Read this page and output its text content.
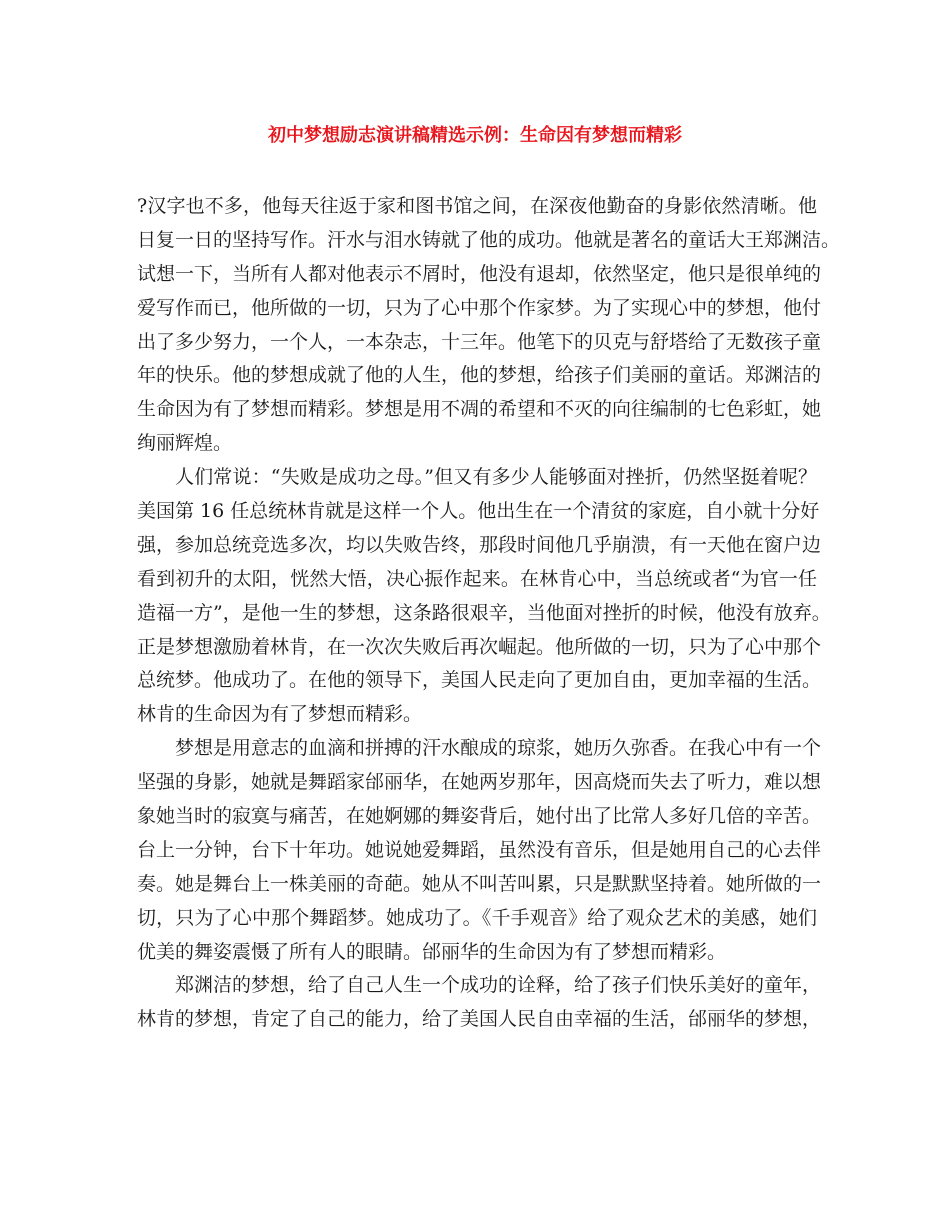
初中梦想励志演讲稿精选示例：生命因有梦想而精彩
?汉字也不多，他每天往返于家和图书馆之间，在深夜他勤奋的身影依然清晰。他
日复一日的坚持写作。汗水与泪水铸就了他的成功。他就是著名的童话大王郑渊洁。
试想一下，当所有人都对他表示不屑时，他没有退却，依然坚定，他只是很单纯的
爱写作而已，他所做的一切，只为了心中那个作家梦。为了实现心中的梦想，他付
出了多少努力，一个人，一本杂志，十三年。他笔下的贝克与舒塔给了无数孩子童
年的快乐。他的梦想成就了他的人生，他的梦想，给孩子们美丽的童话。郑渊洁的
生命因为有了梦想而精彩。梦想是用不凋的希望和不灭的向往编制的七色彩虹，她
绚丽辉煌。
人们常说：“失败是成功之母。”但又有多少人能够面对挫折，仍然坚挺着呢？
美国第 16 任总统林肯就是这样一个人。他出生在一个清贫的家庭，自小就十分好
强，参加总统竞选多次，均以失败告终，那段时间他几乎崩溃，有一天他在窗户边
看到初升的太阳，恍然大悟，决心振作起来。在林肯心中，当总统或者“为官一任
造福一方”，是他一生的梦想，这条路很艰辛，当他面对挫折的时候，他没有放弃。
正是梦想激励着林肯，在一次次失败后再次崛起。他所做的一切，只为了心中那个
总统梦。他成功了。在他的领导下，美国人民走向了更加自由，更加幸福的生活。
林肯的生命因为有了梦想而精彩。
梦想是用意志的血滴和拼搏的汗水酿成的琼浆，她历久弥香。在我心中有一个
坚强的身影，她就是舞蹈家邰丽华，在她两岁那年，因高烧而失去了听力，难以想
象她当时的寂寞与痛苦，在她婀娜的舞姿背后，她付出了比常人多好几倍的辛苦。
台上一分钟，台下十年功。她说她爱舞蹈，虽然没有音乐，但是她用自己的心去伴
奏。她是舞台上一株美丽的奇葩。她从不叫苦叫累，只是默默坚持着。她所做的一
切，只为了心中那个舞蹈梦。她成功了。《千手观音》给了观众艺术的美感，她们
优美的舞姿震慑了所有人的眼睛。邰丽华的生命因为有了梦想而精彩。
郑渊洁的梦想，给了自己人生一个成功的诠释，给了孩子们快乐美好的童年，
林肯的梦想，肯定了自己的能力，给了美国人民自由幸福的生活，邰丽华的梦想，
